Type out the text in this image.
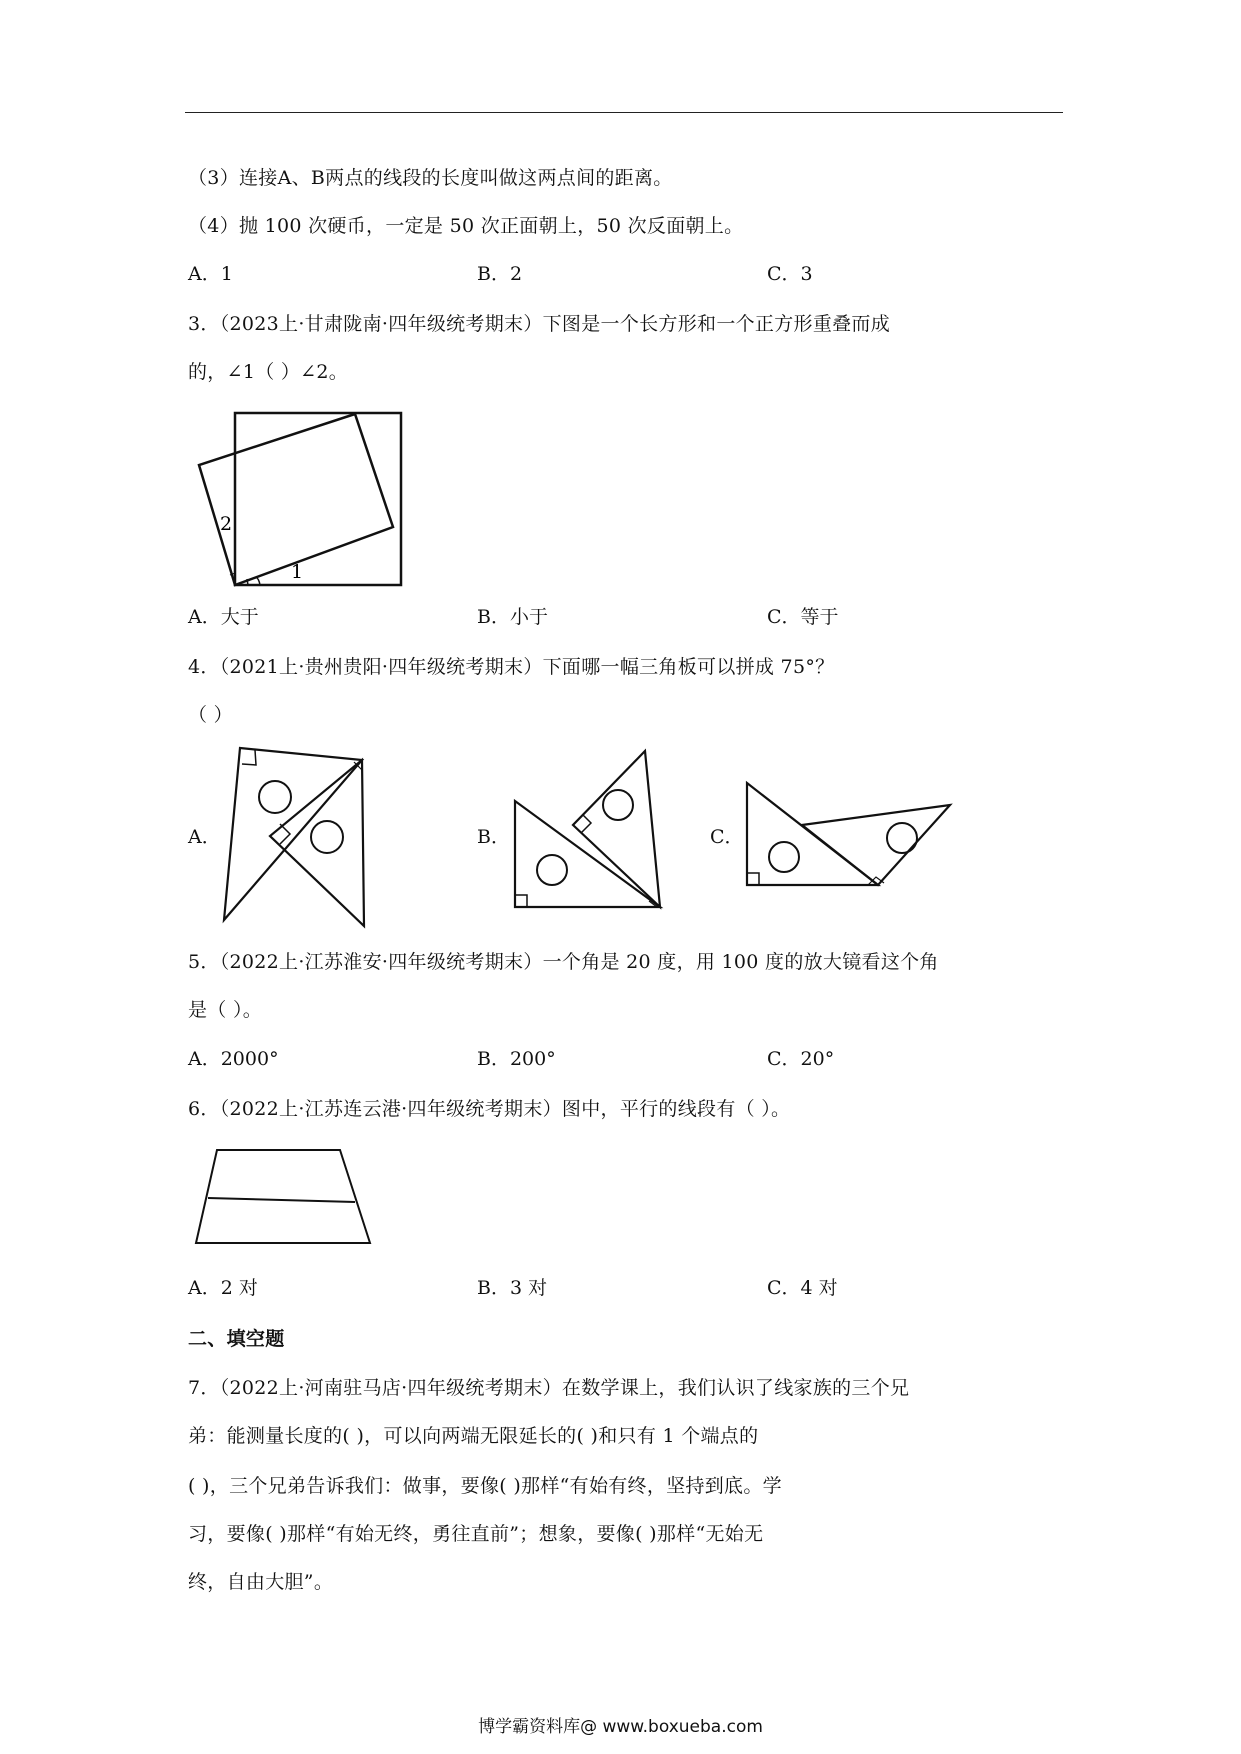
（3）连接A、B两点的线段的长度叫做这两点间的距离。
（4）抛 100 次硬币，一定是 50 次正面朝上，50 次反面朝上。
A．1	B．2	C．3
3．（2023上·甘肃陇南·四年级统考期末）下图是一个长方形和一个正方形重叠而成
的，∠1（ ）∠2。
2
1
A．大于	B．小于	C．等于
4．（2021上·贵州贵阳·四年级统考期末）下面哪一幅三角板可以拼成 75°？
（ ）
A．	B．	C．
5．（2022上·江苏淮安·四年级统考期末）一个角是 20 度，用 100 度的放大镜看这个角
是（ ）。
A．2000°	B．200°	C．20°
6．（2022上·江苏连云港·四年级统考期末）图中，平行的线段有（ ）。
A．2 对	B．3 对	C．4 对
二、填空题
7．（2022上·河南驻马店·四年级统考期末）在数学课上，我们认识了线家族的三个兄
弟：能测量长度的( )，可以向两端无限延长的( )和只有 1 个端点的
( )，三个兄弟告诉我们：做事，要像( )那样“有始有终，坚持到底。学
习，要像( )那样“有始无终，勇往直前”；想象，要像( )那样“无始无
终，自由大胆”。
博学霸资料库@ www.boxueba.com
